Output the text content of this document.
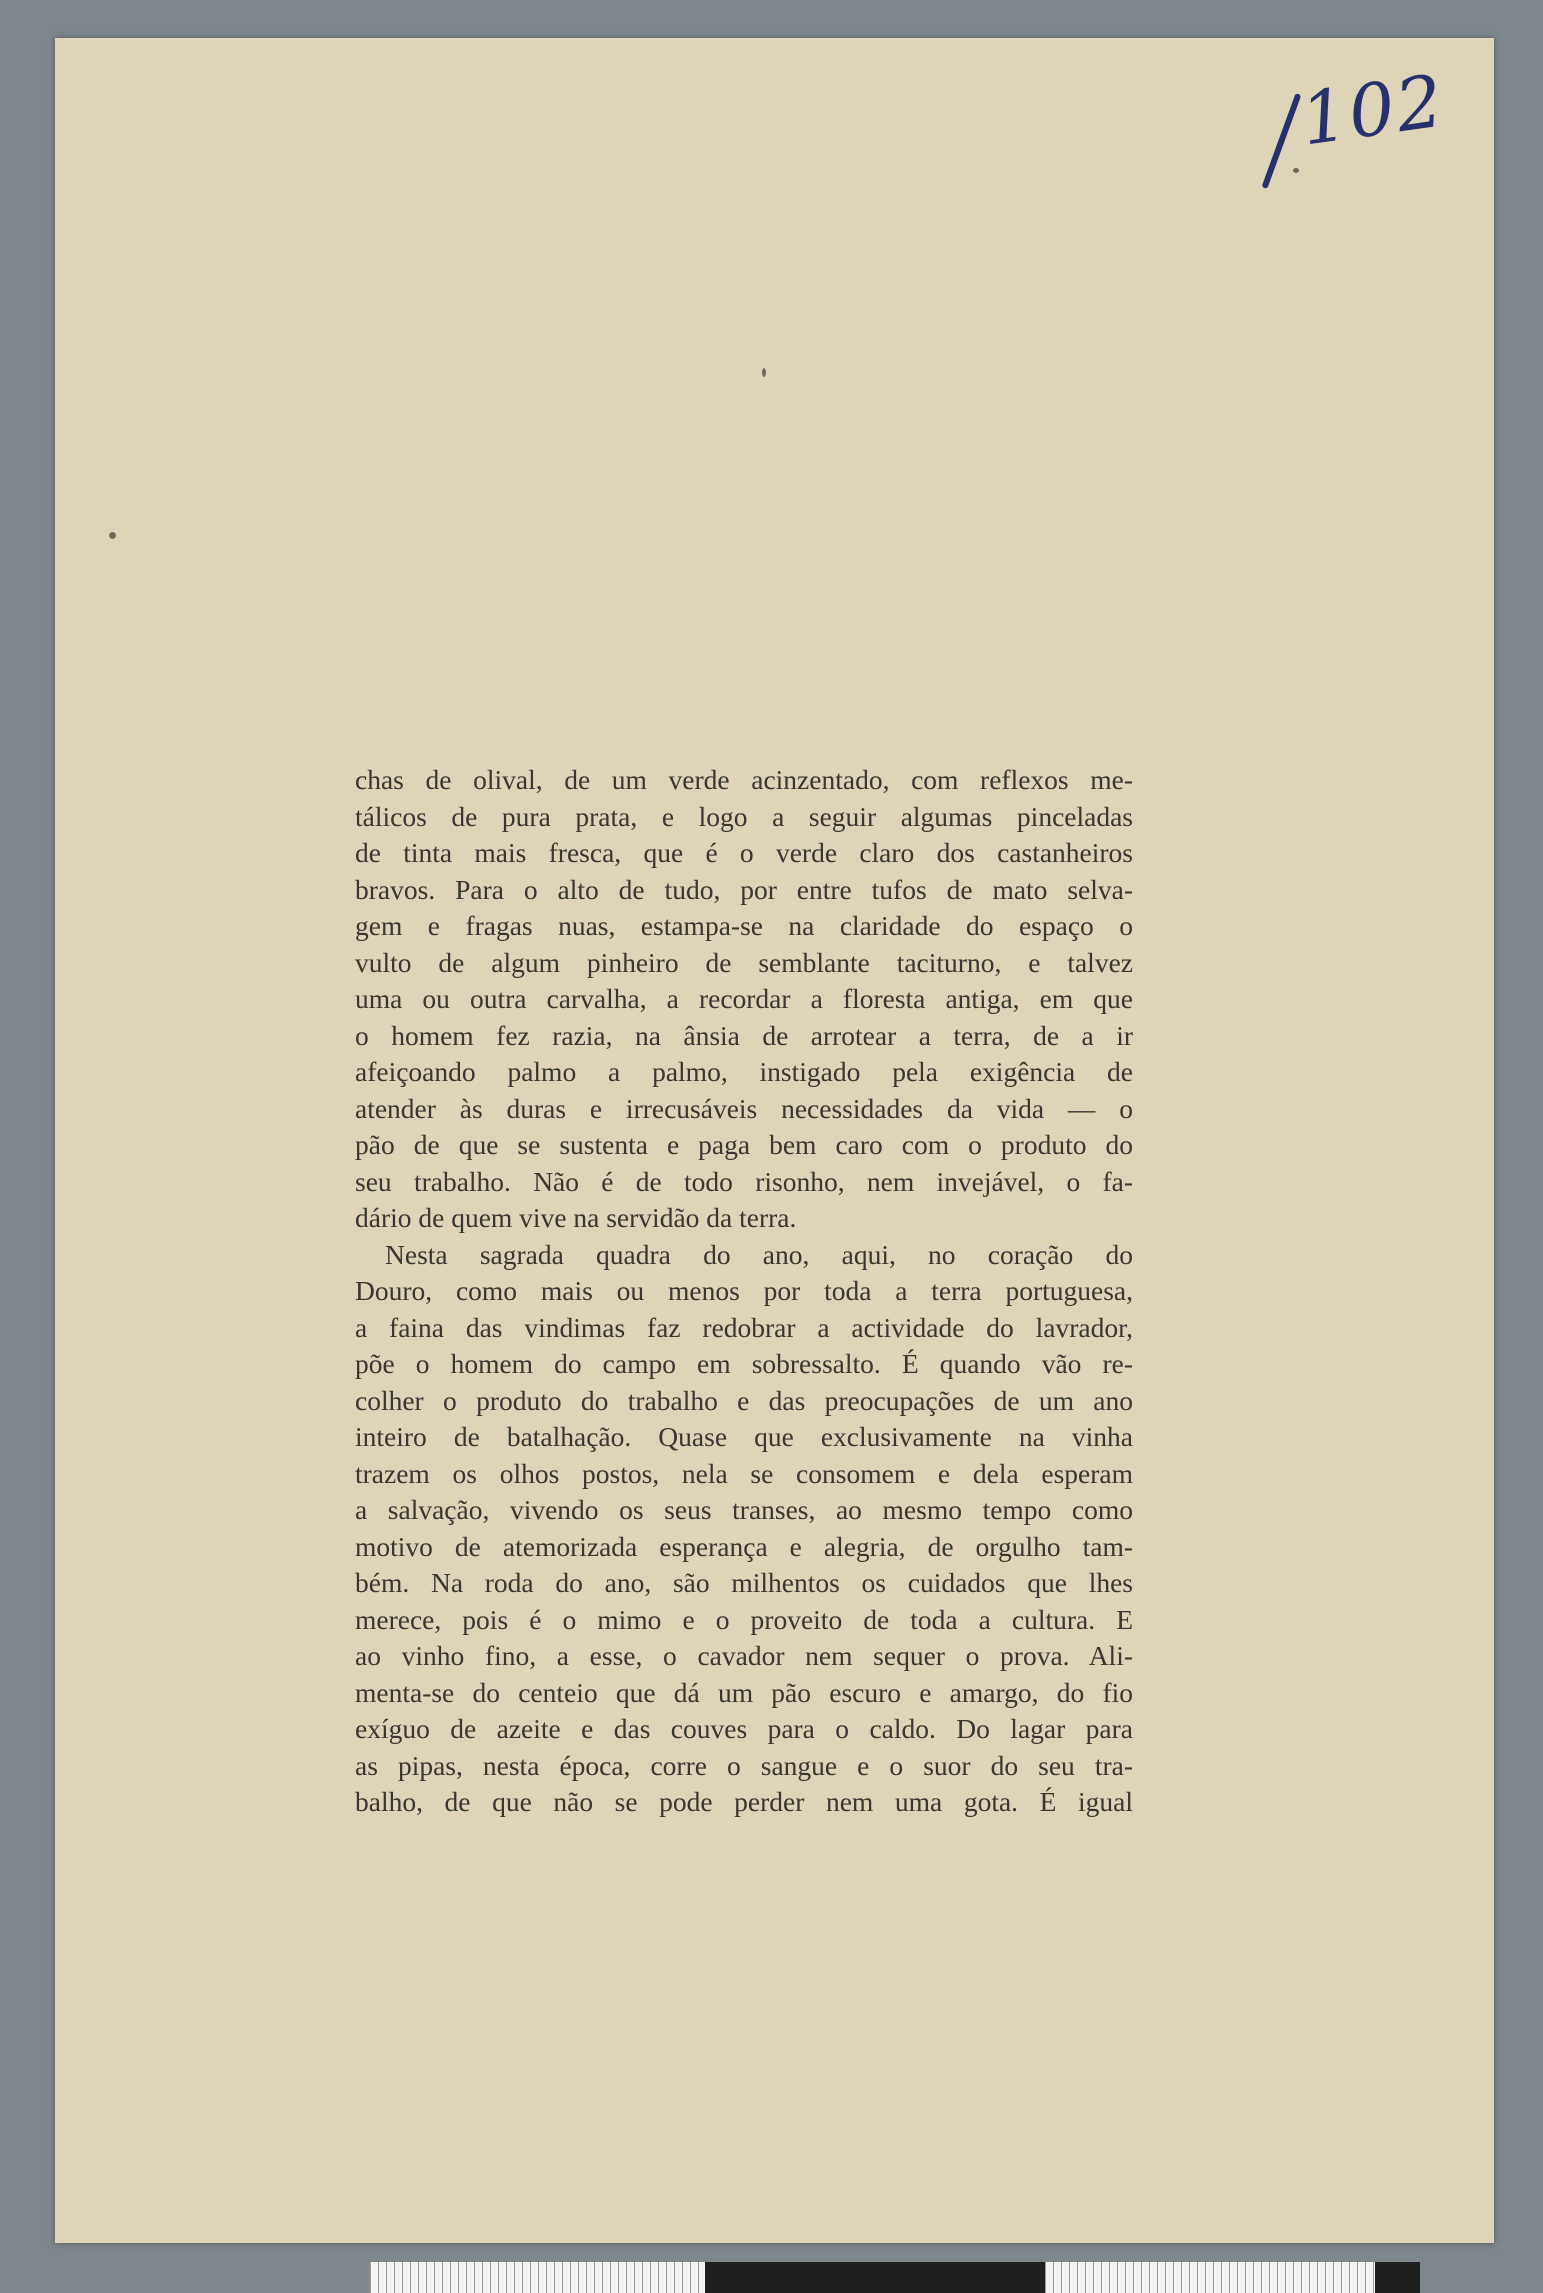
102
chas de olival, de um verde acinzentado, com reflexos me-
tálicos de pura prata, e logo a seguir algumas pinceladas
de tinta mais fresca, que é o verde claro dos castanheiros
bravos. Para o alto de tudo, por entre tufos de mato selva-
gem e fragas nuas, estampa-se na claridade do espaço o
vulto de algum pinheiro de semblante taciturno, e talvez
uma ou outra carvalha, a recordar a floresta antiga, em que
o homem fez razia, na ânsia de arrotear a terra, de a ir
afeiçoando palmo a palmo, instigado pela exigência de
atender às duras e irrecusáveis necessidades da vida — o
pão de que se sustenta e paga bem caro com o produto do
seu trabalho. Não é de todo risonho, nem invejável, o fa-
dário de quem vive na servidão da terra.
Nesta sagrada quadra do ano, aqui, no coração do
Douro, como mais ou menos por toda a terra portuguesa,
a faina das vindimas faz redobrar a actividade do lavrador,
põe o homem do campo em sobressalto. É quando vão re-
colher o produto do trabalho e das preocupações de um ano
inteiro de batalhação. Quase que exclusivamente na vinha
trazem os olhos postos, nela se consomem e dela esperam
a salvação, vivendo os seus transes, ao mesmo tempo como
motivo de atemorizada esperança e alegria, de orgulho tam-
bém. Na roda do ano, são milhentos os cuidados que lhes
merece, pois é o mimo e o proveito de toda a cultura. E
ao vinho fino, a esse, o cavador nem sequer o prova. Ali-
menta-se do centeio que dá um pão escuro e amargo, do fio
exíguo de azeite e das couves para o caldo. Do lagar para
as pipas, nesta época, corre o sangue e o suor do seu tra-
balho, de que não se pode perder nem uma gota. É igual
